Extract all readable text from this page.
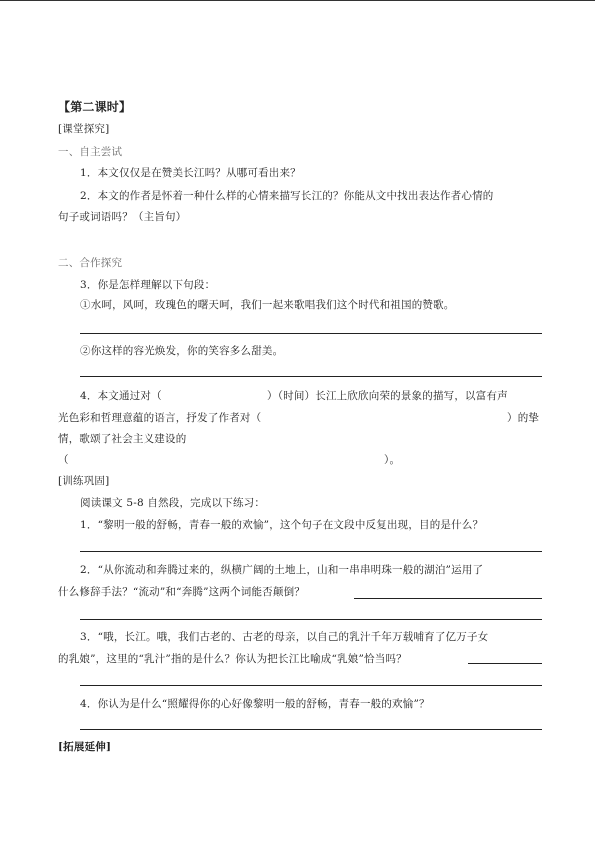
【第二课时】
[课堂探究]
一、自主尝试
1．本文仅仅是在赞美长江吗？从哪可看出来？
2．本文的作者是怀着一种什么样的心情来描写长江的？你能从文中找出表达作者心情的
句子或词语吗？（主旨句）
二、合作探究
3．你是怎样理解以下句段：
①水呵，风呵，玫瑰色的曙天呵，我们一起来歌唱我们这个时代和祖国的赞歌。
②你这样的容光焕发，你的笑容多么甜美。
4．本文通过对（	）（时间）长江上欣欣向荣的景象的描写，以富有声
光色彩和哲理意蕴的语言，抒发了作者对（	）的挚
情，歌颂了社会主义建设的
（	）。
[训练巩固]
阅读课文 5-8 自然段，完成以下练习：
1．“黎明一般的舒畅，青春一般的欢愉”，这个句子在文段中反复出现，目的是什么？
2．“从你流动和奔腾过来的，纵横广阔的土地上，山和一串串明珠一般的湖泊”运用了
什么修辞手法？“流动”和“奔腾”这两个词能否颠倒？
3．“哦，长江。哦，我们古老的、古老的母亲，以自己的乳汁千年万载哺育了亿万子女
的乳娘”，这里的“乳汁”指的是什么？你认为把长江比喻成“乳娘”恰当吗？
4．你认为是什么“照耀得你的心好像黎明一般的舒畅，青春一般的欢愉”？
[拓展延伸]
